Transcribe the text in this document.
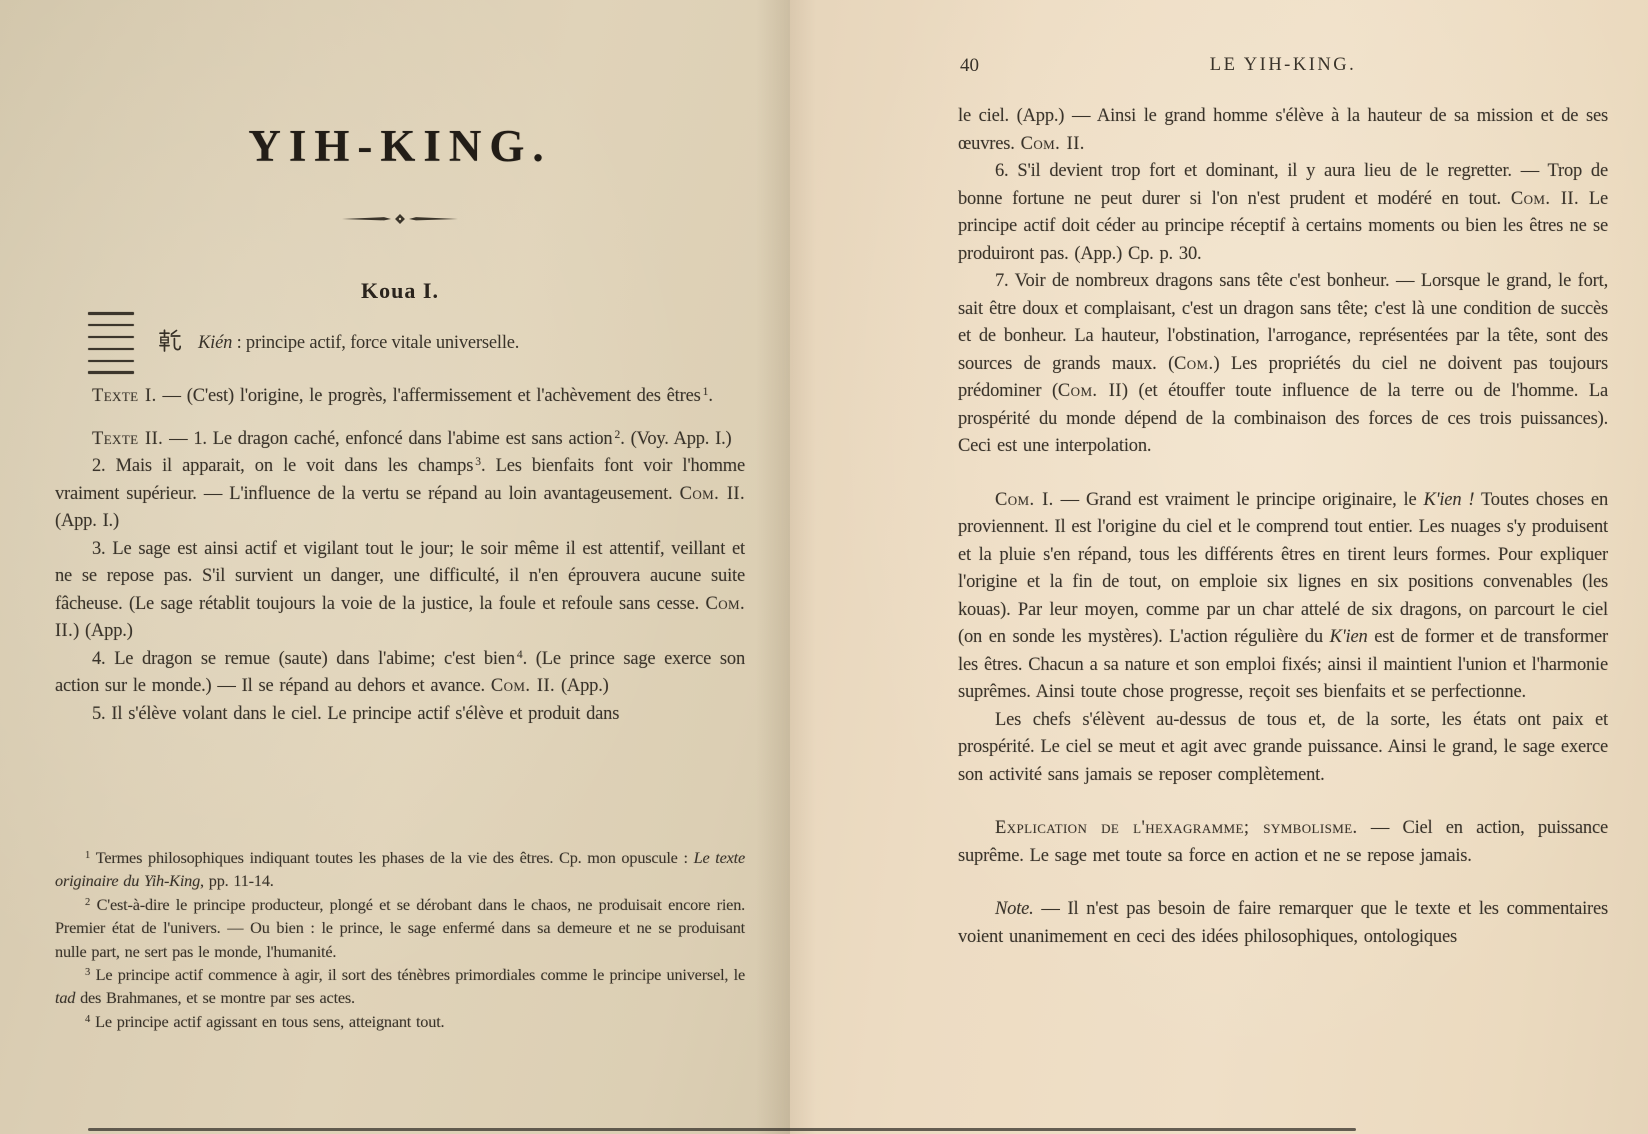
YIH-KING.
Koua I.
Kién : principe actif, force vitale universelle.

Texte I. — (C'est) l'origine, le progrès, l'affermissement et l'achèvement des êtres $^1$.

Texte II. — 1. Le dragon caché, enfoncé dans l'abime est sans action $^2$. (Voy. App. I.)

2. Mais il apparait, on le voit dans les champs $^3$. Les bienfaits font voir l'homme vraiment supérieur. — L'influence de la vertu se répand au loin avantageusement. Com. II. (App. I.)

3. Le sage est ainsi actif et vigilant tout le jour; le soir même il est attentif, veillant et ne se repose pas. S'il survient un danger, une difficulté, il n'en éprouvera aucune suite fâcheuse. (Le sage rétablit toujours la voie de la justice, la foule et refoule sans cesse. Com. II.) (App.)

4. Le dragon se remue (saute) dans l'abime; c'est bien $^4$. (Le prince sage exerce son action sur le monde.) — Il se répand au dehors et avance. Com. II. (App.)

5. Il s'élève volant dans le ciel. Le principe actif s'élève et produit dans

$^1$ Termes philosophiques indiquant toutes les phases de la vie des êtres. Cp. mon opuscule : Le texte originaire du Yih-King, pp. 11-14.

$^2$ C'est-à-dire le principe producteur, plongé et se dérobant dans le chaos, ne produisait encore rien. Premier état de l'univers. — Ou bien : le prince, le sage enfermé dans sa demeure et ne se produisant nulle part, ne sert pas le monde, l'humanité.

$^3$ Le principe actif commence à agir, il sort des ténèbres primordiales comme le principe universel, le tad des Brahmanes, et se montre par ses actes.

$^4$ Le principe actif agissant en tous sens, atteignant tout.

40	LE YIH-KING.

le ciel. (App.) — Ainsi le grand homme s'élève à la hauteur de sa mission et de ses œuvres. Com. II.

6. S'il devient trop fort et dominant, il y aura lieu de le regretter. — Trop de bonne fortune ne peut durer si l'on n'est prudent et modéré en tout. Com. II. Le principe actif doit céder au principe réceptif à certains moments ou bien les êtres ne se produiront pas. (App.) Cp. p. 30.

7. Voir de nombreux dragons sans tête c'est bonheur. — Lorsque le grand, le fort, sait être doux et complaisant, c'est un dragon sans tête; c'est là une condition de succès et de bonheur. La hauteur, l'obstination, l'arrogance, représentées par la tête, sont des sources de grands maux. (Com.) Les propriétés du ciel ne doivent pas toujours prédominer (Com. II) (et étouffer toute influence de la terre ou de l'homme. La prospérité du monde dépend de la combinaison des forces de ces trois puissances). Ceci est une interpolation.

Com. I. — Grand est vraiment le principe originaire, le K'ien ! Toutes choses en proviennent. Il est l'origine du ciel et le comprend tout entier. Les nuages s'y produisent et la pluie s'en répand, tous les différents êtres en tirent leurs formes. Pour expliquer l'origine et la fin de tout, on emploie six lignes en six positions convenables (les kouas). Par leur moyen, comme par un char attelé de six dragons, on parcourt le ciel (on en sonde les mystères). L'action régulière du K'ien est de former et de transformer les êtres. Chacun a sa nature et son emploi fixés; ainsi il maintient l'union et l'harmonie suprêmes. Ainsi toute chose progresse, reçoit ses bienfaits et se perfectionne.

Les chefs s'élèvent au-dessus de tous et, de la sorte, les états ont paix et prospérité. Le ciel se meut et agit avec grande puissance. Ainsi le grand, le sage exerce son activité sans jamais se reposer complètement.

Explication de l'hexagramme; symbolisme. — Ciel en action, puissance suprême. Le sage met toute sa force en action et ne se repose jamais.

Note. — Il n'est pas besoin de faire remarquer que le texte et les commentaires voient unanimement en ceci des idées philosophiques, ontologiques
